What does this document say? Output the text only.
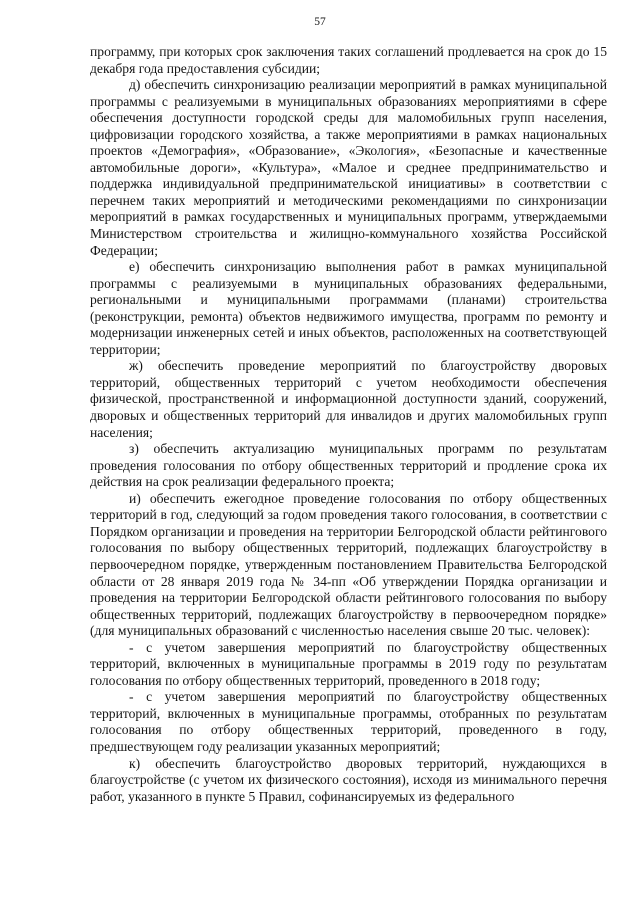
57

программу, при которых срок заключения таких соглашений продлевается на срок до 15 декабря года предоставления субсидии;

д) обеспечить синхронизацию реализации мероприятий в рамках муниципальной программы с реализуемыми в муниципальных образованиях мероприятиями в сфере обеспечения доступности городской среды для маломобильных групп населения, цифровизации городского хозяйства, а также мероприятиями в рамках национальных проектов «Демография», «Образование», «Экология», «Безопасные и качественные автомобильные дороги», «Культура», «Малое и среднее предпринимательство и поддержка индивидуальной предпринимательской инициативы» в соответствии с перечнем таких мероприятий и методическими рекомендациями по синхронизации мероприятий в рамках государственных и муниципальных программ, утверждаемыми Министерством строительства и жилищно-коммунального хозяйства Российской Федерации;

е) обеспечить синхронизацию выполнения работ в рамках муниципальной программы с реализуемыми в муниципальных образованиях федеральными, региональными и муниципальными программами (планами) строительства (реконструкции, ремонта) объектов недвижимого имущества, программ по ремонту и модернизации инженерных сетей и иных объектов, расположенных на соответствующей территории;

ж) обеспечить проведение мероприятий по благоустройству дворовых территорий, общественных территорий с учетом необходимости обеспечения физической, пространственной и информационной доступности зданий, сооружений, дворовых и общественных территорий для инвалидов и других маломобильных групп населения;

з) обеспечить актуализацию муниципальных программ по результатам проведения голосования по отбору общественных территорий и продление срока их действия на срок реализации федерального проекта;

и) обеспечить ежегодное проведение голосования по отбору общественных территорий в год, следующий за годом проведения такого голосования, в соответствии с Порядком организации и проведения на территории Белгородской области рейтингового голосования по выбору общественных территорий, подлежащих благоустройству в первоочередном порядке, утвержденным постановлением Правительства Белгородской области от 28 января 2019 года № 34-пп «Об утверждении Порядка организации и проведения на территории Белгородской области рейтингового голосования по выбору общественных территорий, подлежащих благоустройству в первоочередном порядке» (для муниципальных образований с численностью населения свыше 20 тыс. человек):

- с учетом завершения мероприятий по благоустройству общественных территорий, включенных в муниципальные программы в 2019 году по результатам голосования по отбору общественных территорий, проведенного в 2018 году;

- с учетом завершения мероприятий по благоустройству общественных территорий, включенных в муниципальные программы, отобранных по результатам голосования по отбору общественных территорий, проведенного в году, предшествующем году реализации указанных мероприятий;

к) обеспечить благоустройство дворовых территорий, нуждающихся в благоустройстве (с учетом их физического состояния), исходя из минимального перечня работ, указанного в пункте 5 Правил, софинансируемых из федерального
